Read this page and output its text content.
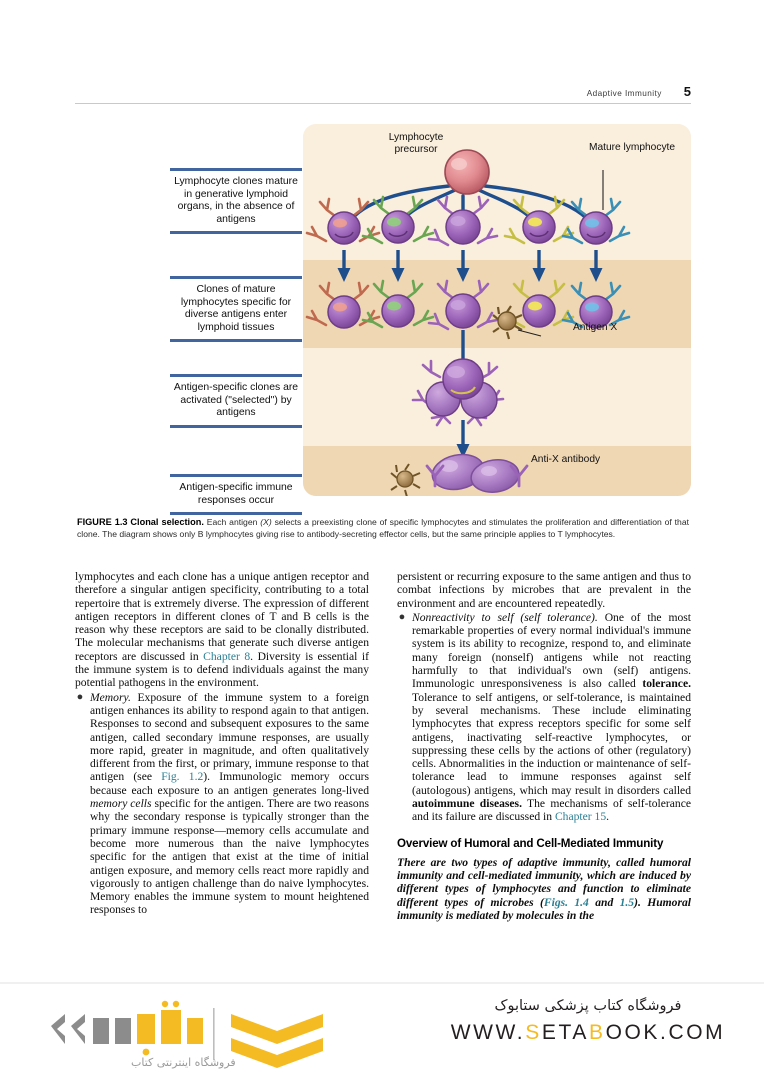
Adaptive Immunity 5
Lymphocyte clones mature in generative lymphoid organs, in the absence of antigens
Clones of mature lymphocytes specific for diverse antigens enter lymphoid tissues
Antigen-specific clones are activated ("selected") by antigens
Antigen-specific immune responses occur
Lymphocyte precursor	Mature lymphocyte
Antigen X
Anti-X antibody
FIGURE 1.3 Clonal selection. Each antigen (X) selects a preexisting clone of specific lymphocytes and stimulates the proliferation and differentiation of that clone. The diagram shows only B lymphocytes giving rise to antibody-secreting effector cells, but the same principle applies to T lymphocytes.

lymphocytes and each clone has a unique antigen receptor and therefore a singular antigen specificity, contributing to a total repertoire that is extremely diverse. The expression of different antigen receptors in different clones of T and B cells is the reason why these receptors are said to be clonally distributed. The molecular mechanisms that generate such diverse antigen receptors are discussed in Chapter 8. Diversity is essential if the immune system is to defend individuals against the many potential pathogens in the environment.

● Memory. Exposure of the immune system to a foreign antigen enhances its ability to respond again to that antigen. Responses to second and subsequent exposures to the same antigen, called secondary immune responses, are usually more rapid, greater in magnitude, and often qualitatively different from the first, or primary, immune response to that antigen (see Fig. 1.2). Immunologic memory occurs because each exposure to an antigen generates long-lived memory cells specific for the antigen. There are two reasons why the secondary response is typically stronger than the primary immune response—memory cells accumulate and become more numerous than the naive lymphocytes specific for the antigen that exist at the time of initial antigen exposure, and memory cells react more rapidly and vigorously to antigen challenge than do naive lymphocytes. Memory enables the immune system to mount heightened responses to

persistent or recurring exposure to the same antigen and thus to combat infections by microbes that are prevalent in the environment and are encountered repeatedly.

● Nonreactivity to self (self tolerance). One of the most remarkable properties of every normal individual's immune system is its ability to recognize, respond to, and eliminate many foreign (nonself) antigens while not reacting harmfully to that individual's own (self) antigens. Immunologic unresponsiveness is also called tolerance. Tolerance to self antigens, or self-tolerance, is maintained by several mechanisms. These include eliminating lymphocytes that express receptors specific for some self antigens, inactivating self-reactive lymphocytes, or suppressing these cells by the actions of other (regulatory) cells. Abnormalities in the induction or maintenance of self-tolerance lead to immune responses against self (autologous) antigens, which may result in disorders called autoimmune diseases. The mechanisms of self-tolerance and its failure are discussed in Chapter 15.

Overview of Humoral and Cell-Mediated Immunity

There are two types of adaptive immunity, called humoral immunity and cell-mediated immunity, which are induced by different types of lymphocytes and function to eliminate different types of microbes (Figs. 1.4 and 1.5). Humoral immunity is mediated by molecules in the

فروشگاه اینترنتی کتاب
فروشگاه کتاب پزشکی ستابوک
WWW.SETABOOK.COM
